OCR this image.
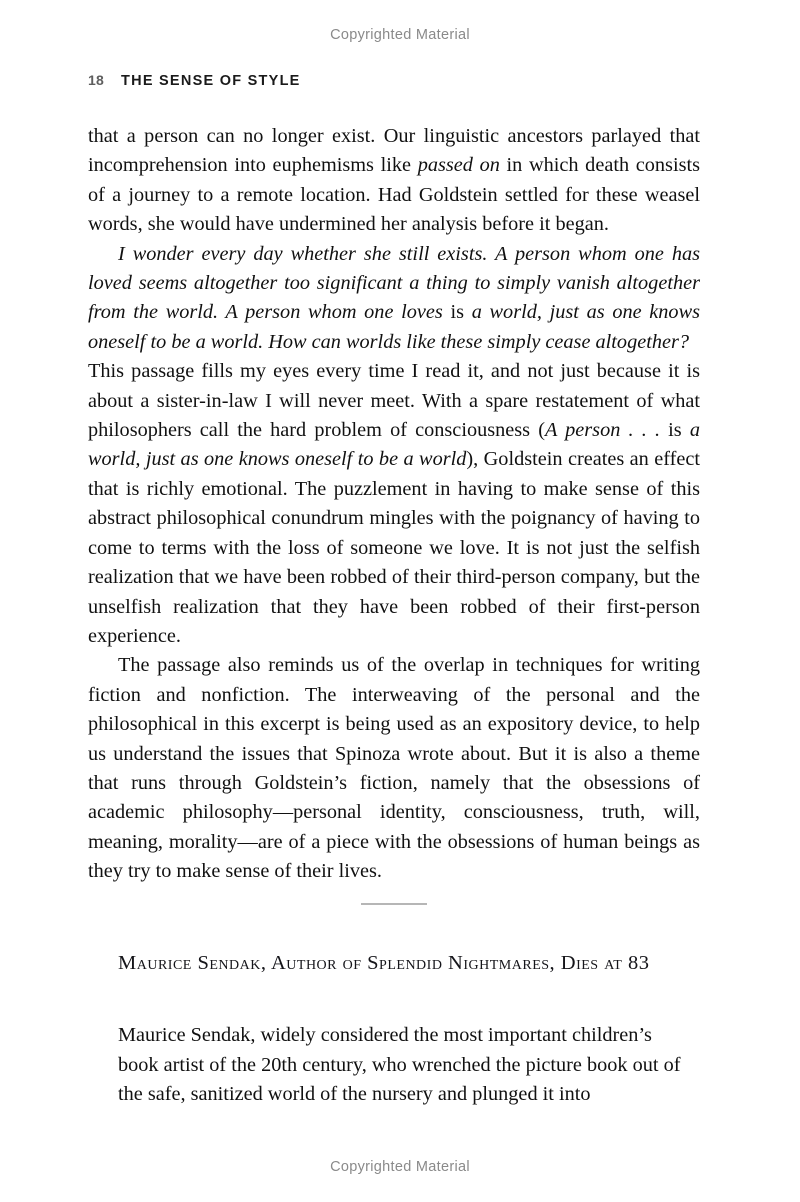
Copyrighted Material
18 THE SENSE OF STYLE

that a person can no longer exist. Our linguistic ancestors parlayed that incomprehension into euphemisms like passed on in which death consists of a journey to a remote location. Had Goldstein settled for these weasel words, she would have undermined her analysis before it began.

I wonder every day whether she still exists. A person whom one has loved seems altogether too significant a thing to simply vanish altogether from the world. A person whom one loves is a world, just as one knows oneself to be a world. How can worlds like these simply cease altogether?

This passage fills my eyes every time I read it, and not just because it is about a sister-in-law I will never meet. With a spare restatement of what philosophers call the hard problem of consciousness (A person . . . is a world, just as one knows oneself to be a world), Goldstein creates an effect that is richly emotional. The puzzlement in having to make sense of this abstract philosophical conundrum mingles with the poignancy of having to come to terms with the loss of someone we love. It is not just the selfish realization that we have been robbed of their third-person company, but the unselfish realization that they have been robbed of their first-person experience.

The passage also reminds us of the overlap in techniques for writing fiction and nonfiction. The interweaving of the personal and the philosophical in this excerpt is being used as an expository device, to help us understand the issues that Spinoza wrote about. But it is also a theme that runs through Goldstein’s fiction, namely that the obsessions of academic philosophy—personal identity, consciousness, truth, will, meaning, morality—are of a piece with the obsessions of human beings as they try to make sense of their lives.

Maurice Sendak, Author of Splendid Nightmares, Dies at 83

Maurice Sendak, widely considered the most important children’s book artist of the 20th century, who wrenched the picture book out of the safe, sanitized world of the nursery and plunged it into

Copyrighted Material
